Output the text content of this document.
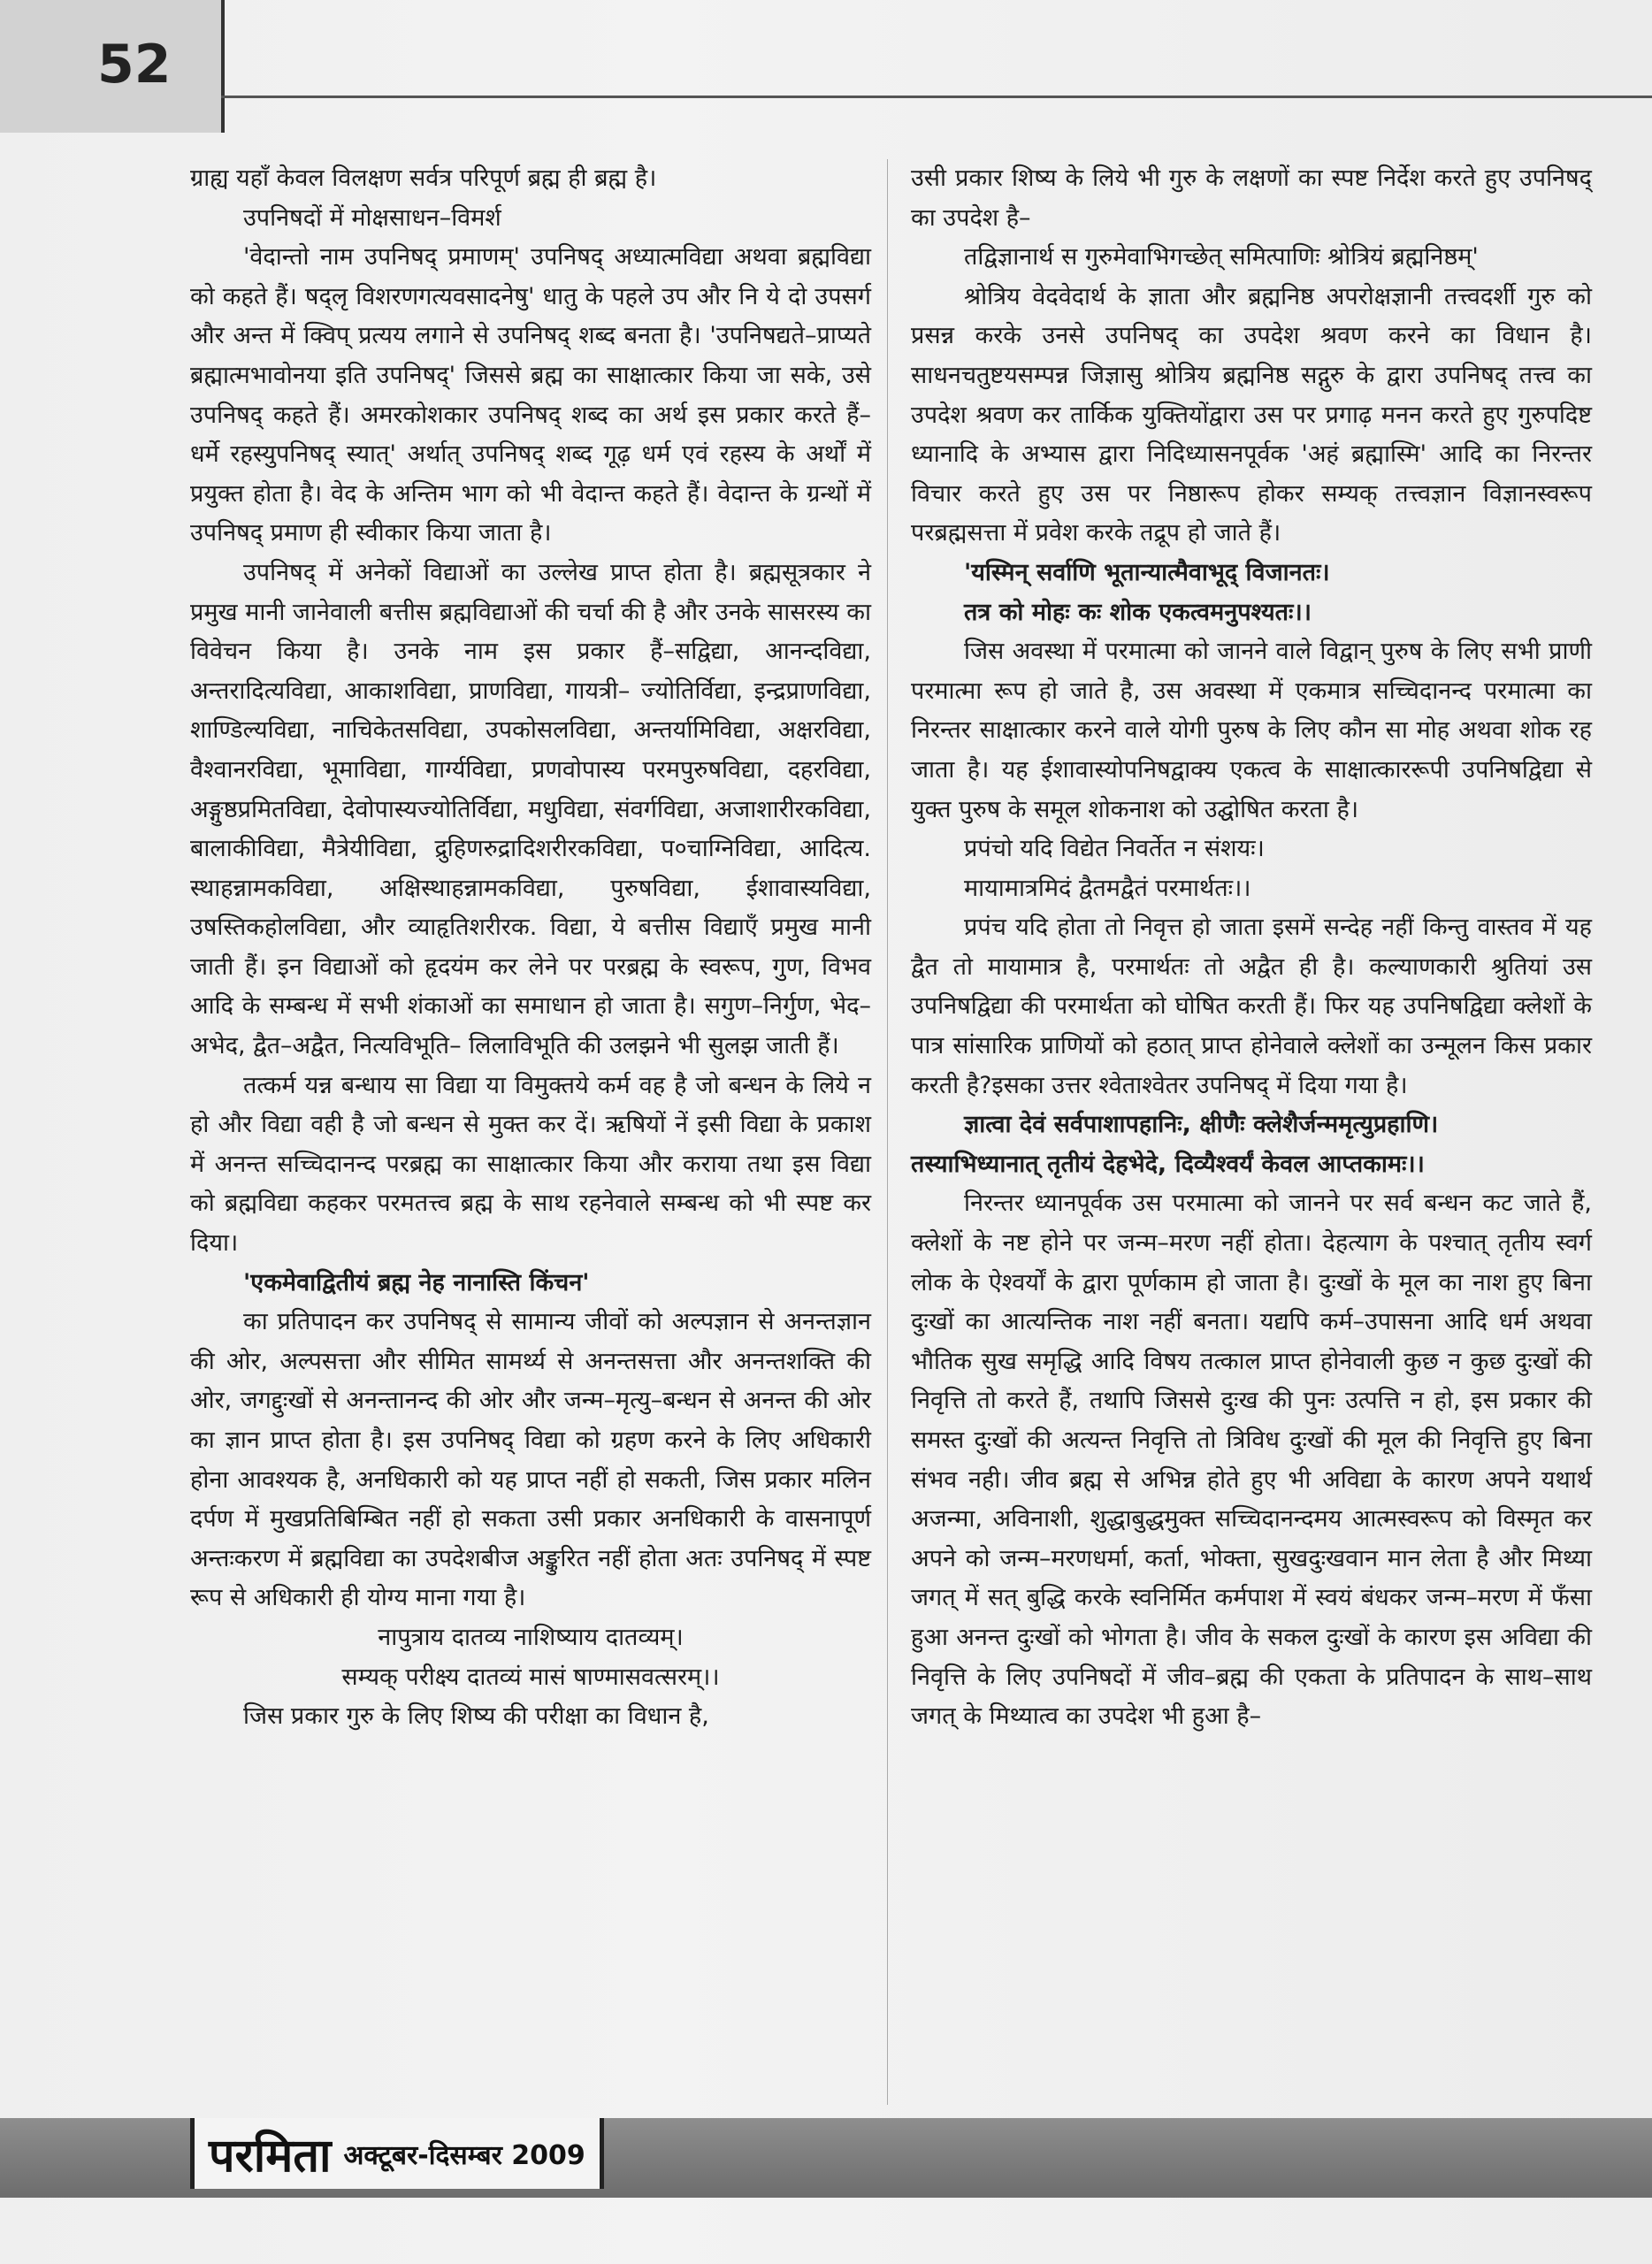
52

ग्राह्य यहाँ केवल विलक्षण सर्वत्र परिपूर्ण ब्रह्म ही ब्रह्म है।

उपनिषदों में मोक्षसाधन–विमर्श

'वेदान्तो नाम उपनिषद् प्रमाणम्' उपनिषद् अध्यात्मविद्या अथवा ब्रह्मविद्या को कहते हैं। षद्लृ विशरणगत्यवसादनेषु' धातु के पहले उप और नि ये दो उपसर्ग और अन्त में क्विप् प्रत्यय लगाने से उपनिषद् शब्द बनता है। 'उपनिषद्यते–प्राप्यते ब्रह्मात्मभावोनया इति उपनिषद्' जिससे ब्रह्म का साक्षात्कार किया जा सके, उसे उपनिषद् कहते हैं। अमरकोशकार उपनिषद् शब्द का अर्थ इस प्रकार करते हैं– धर्मे रहस्युपनिषद् स्यात्' अर्थात् उपनिषद् शब्द गूढ़ धर्म एवं रहस्य के अर्थों में प्रयुक्त होता है। वेद के अन्तिम भाग को भी वेदान्त कहते हैं। वेदान्त के ग्रन्थों में उपनिषद् प्रमाण ही स्वीकार किया जाता है।

उपनिषद् में अनेकों विद्याओं का उल्लेख प्राप्त होता है। ब्रह्मसूत्रकार ने प्रमुख मानी जानेवाली बत्तीस ब्रह्मविद्याओं की चर्चा की है और उनके सासरस्य का विवेचन किया है। उनके नाम इस प्रकार हैं–सद्विद्या, आनन्दविद्या, अन्तरादित्यविद्या, आकाशविद्या, प्राणविद्या, गायत्री– ज्योतिर्विद्या, इन्द्रप्राणविद्या, शाण्डिल्यविद्या, नाचिकेतसविद्या, उपकोसलविद्या, अन्तर्यामिविद्या, अक्षरविद्या, वैश्वानरविद्या, भूमाविद्या, गार्ग्यविद्या, प्रणवोपास्य परमपुरुषविद्या, दहरविद्या, अङ्गुष्ठप्रमितविद्या, देवोपास्यज्योतिर्विद्या, मधुविद्या, संवर्गविद्या, अजाशारीरकविद्या, बालाकीविद्या, मैत्रेयीविद्या, द्रुहिणरुद्रादिशरीरकविद्या, प०चाग्निविद्या, आदित्य. स्थाहन्नामकविद्या, अक्षिस्थाहन्नामकविद्या, पुरुषविद्या, ईशावास्यविद्या, उषस्तिकहोलविद्या, और व्याहृतिशरीरक. विद्या, ये बत्तीस विद्याएँ प्रमुख मानी जाती हैं। इन विद्याओं को हृदयंम कर लेने पर परब्रह्म के स्वरूप, गुण, विभव आदि के सम्बन्ध में सभी शंकाओं का समाधान हो जाता है। सगुण–निर्गुण, भेद–अभेद, द्वैत–अद्वैत, नित्यविभूति– लिलाविभूति की उलझने भी सुलझ जाती हैं।

तत्कर्म यन्न बन्धाय सा विद्या या विमुक्तये कर्म वह है जो बन्धन के लिये न हो और विद्या वही है जो बन्धन से मुक्त कर दें। ऋषियों नें इसी विद्या के प्रकाश में अनन्त सच्चिदानन्द परब्रह्म का साक्षात्कार किया और कराया तथा इस विद्या को ब्रह्मविद्या कहकर परमतत्त्व ब्रह्म के साथ रहनेवाले सम्बन्ध को भी स्पष्ट कर दिया।

'एकमेवाद्वितीयं ब्रह्म नेह नानास्ति किंचन'

का प्रतिपादन कर उपनिषद् से सामान्य जीवों को अल्पज्ञान से अनन्तज्ञान की ओर, अल्पसत्ता और सीमित सामर्थ्य से अनन्तसत्ता और अनन्तशक्ति की ओर, जगद्दुःखों से अनन्तानन्द की ओर और जन्म–मृत्यु–बन्धन से अनन्त की ओर का ज्ञान प्राप्त होता है। इस उपनिषद् विद्या को ग्रहण करने के लिए अधिकारी होना आवश्यक है, अनधिकारी को यह प्राप्त नहीं हो सकती, जिस प्रकार मलिन दर्पण में मुखप्रतिबिम्बित नहीं हो सकता उसी प्रकार अनधिकारी के वासनापूर्ण अन्तःकरण में ब्रह्मविद्या का उपदेशबीज अङ्कुरित नहीं होता अतः उपनिषद् में स्पष्ट रूप से अधिकारी ही योग्य माना गया है।

नापुत्राय दातव्य नाशिष्याय दातव्यम्।

सम्यक् परीक्ष्य दातव्यं मासं षाण्मासवत्सरम्।।

जिस प्रकार गुरु के लिए शिष्य की परीक्षा का विधान है,

उसी प्रकार शिष्य के लिये भी गुरु के लक्षणों का स्पष्ट निर्देश करते हुए उपनिषद् का उपदेश है–

तद्विज्ञानार्थ स गुरुमेवाभिगच्छेत् समित्पाणिः श्रोत्रियं ब्रह्मनिष्ठम्'

श्रोत्रिय वेदवेदार्थ के ज्ञाता और ब्रह्मनिष्ठ अपरोक्षज्ञानी तत्त्वदर्शी गुरु को प्रसन्न करके उनसे उपनिषद् का उपदेश श्रवण करने का विधान है। साधनचतुष्टयसम्पन्न जिज्ञासु श्रोत्रिय ब्रह्मनिष्ठ सद्गुरु के द्वारा उपनिषद् तत्त्व का उपदेश श्रवण कर तार्किक युक्तियोंद्वारा उस पर प्रगाढ़ मनन करते हुए गुरुपदिष्ट ध्यानादि के अभ्यास द्वारा निदिध्यासनपूर्वक 'अहं ब्रह्मास्मि' आदि का निरन्तर विचार करते हुए उस पर निष्ठारूप होकर सम्यक् तत्त्वज्ञान विज्ञानस्वरूप परब्रह्मसत्ता में प्रवेश करके तद्रूप हो जाते हैं।

'यस्मिन् सर्वाणि भूतान्यात्मैवाभूद् विजानतः।

तत्र को मोहः कः शोक एकत्वमनुपश्यतः।।

जिस अवस्था में परमात्मा को जानने वाले विद्वान् पुरुष के लिए सभी प्राणी परमात्मा रूप हो जाते है, उस अवस्था में एकमात्र सच्चिदानन्द परमात्मा का निरन्तर साक्षात्कार करने वाले योगी पुरुष के लिए कौन सा मोह अथवा शोक रह जाता है। यह ईशावास्योपनिषद्वाक्य एकत्व के साक्षात्काररूपी उपनिषद्विद्या से युक्त पुरुष के समूल शोकनाश को उद्घोषित करता है।

प्रपंचो यदि विद्येत निवर्तेत न संशयः।

मायामात्रमिदं द्वैतमद्वैतं परमार्थतः।।

प्रपंच यदि होता तो निवृत्त हो जाता इसमें सन्देह नहीं किन्तु वास्तव में यह द्वैत तो मायामात्र है, परमार्थतः तो अद्वैत ही है। कल्याणकारी श्रुतियां उस उपनिषद्विद्या की परमार्थता को घोषित करती हैं। फिर यह उपनिषद्विद्या क्लेशों के पात्र सांसारिक प्राणियों को हठात् प्राप्त होनेवाले क्लेशों का उन्मूलन किस प्रकार करती है?इसका उत्तर श्वेताश्वेतर उपनिषद् में दिया गया है।

ज्ञात्वा देवं सर्वपाशापहानिः, क्षीणैः क्लेशैर्जन्ममृत्युप्रहाणि।

तस्याभिध्यानात् तृतीयं देहभेदे, दिव्यैश्वर्यं केवल आप्तकामः।।

निरन्तर ध्यानपूर्वक उस परमात्मा को जानने पर सर्व बन्धन कट जाते हैं, क्लेशों के नष्ट होने पर जन्म–मरण नहीं होता। देहत्याग के पश्चात् तृतीय स्वर्ग लोक के ऐश्वर्यों के द्वारा पूर्णकाम हो जाता है। दुःखों के मूल का नाश हुए बिना दुःखों का आत्यन्तिक नाश नहीं बनता। यद्यपि कर्म–उपासना आदि धर्म अथवा भौतिक सुख समृद्धि आदि विषय तत्काल प्राप्त होनेवाली कुछ न कुछ दुःखों की निवृत्ति तो करते हैं, तथापि जिससे दुःख की पुनः उत्पत्ति न हो, इस प्रकार की समस्त दुःखों की अत्यन्त निवृत्ति तो त्रिविध दुःखों की मूल की निवृत्ति हुए बिना संभव नही। जीव ब्रह्म से अभिन्न होते हुए भी अविद्या के कारण अपने यथार्थ अजन्मा, अविनाशी, शुद्धाबुद्धमुक्त सच्चिदानन्दमय आत्मस्वरूप को विस्मृत कर अपने को जन्म–मरणधर्मा, कर्ता, भोक्ता, सुखदुःखवान मान लेता है और मिथ्या जगत् में सत् बुद्धि करके स्वनिर्मित कर्मपाश में स्वयं बंधकर जन्म–मरण में फँसा हुआ अनन्त दुःखों को भोगता है। जीव के सकल दुःखों के कारण इस अविद्या की निवृत्ति के लिए उपनिषदों में जीव–ब्रह्म की एकता के प्रतिपादन के साथ–साथ जगत् के मिथ्यात्व का उपदेश भी हुआ है–

परमिता अक्टूबर-दिसम्बर 2009
